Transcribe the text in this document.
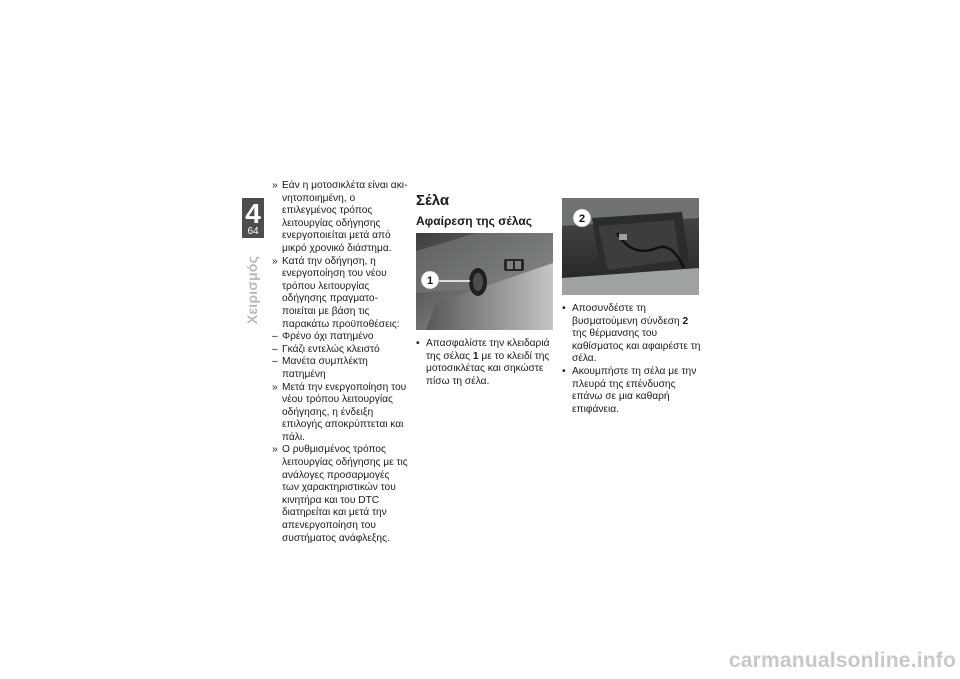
4
64
Χειρισμός

» Εάν η μοτοσικλέτα είναι ακινητοποιημένη, ο επιλεγμένος τρόπος λειτουργίας οδήγησης ενεργοποιείται μετά από μικρό χρονικό διάστημα.

» Κατά την οδήγηση, η ενεργοποίηση του νέου τρόπου λειτουργίας οδήγησης πραγματοποιείται με βάση τις παρακάτω προϋποθέσεις:

– Φρένο όχι πατημένο

– Γκάζι εντελώς κλειστό

– Μανέτα συμπλέκτη πατημένη

» Μετά την ενεργοποίηση του νέου τρόπου λειτουργίας οδήγησης, η ένδειξη επιλογής αποκρύπτεται και πάλι.

» Ο ρυθμισμένος τρόπος λειτουργίας οδήγησης με τις ανάλογες προσαρμογές των χαρακτηριστικών του κινητήρα και του DTC διατηρείται και μετά την απενεργοποίηση του συστήματος ανάφλεξης.

Σέλα
Αφαίρεση της σέλας
1

• Απασφαλίστε την κλειδαριά της σέλας 1 με το κλειδί της μοτοσικλέτας και σηκώστε πίσω τη σέλα.

2

• Αποσυνδέστε τη βυσματούμενη σύνδεση 2 της θέρμανσης του καθίσματος και αφαιρέστε τη σέλα.

• Ακουμπήστε τη σέλα με την πλευρά της επένδυσης επάνω σε μια καθαρή επιφάνεια.

carmanualsonline.info
